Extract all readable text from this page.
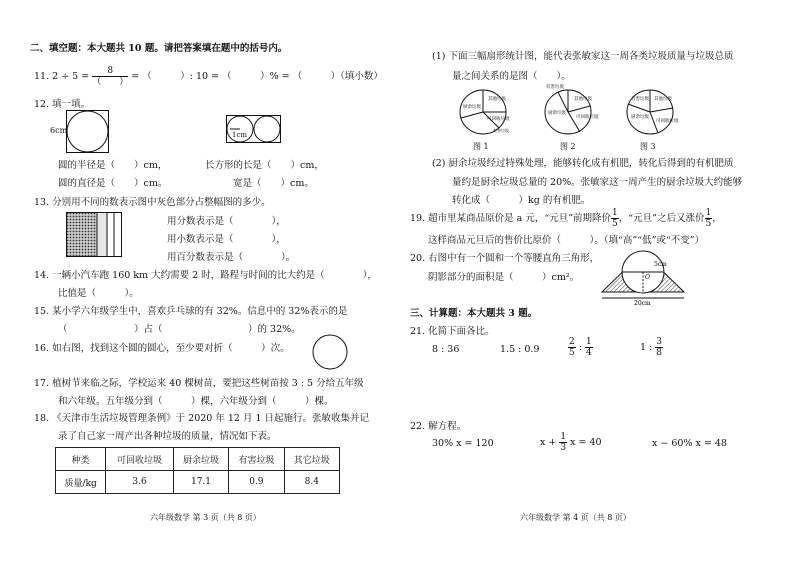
二、填空题：本大题共 10 题。请把答案填在题中的括号内。
11. $2 \div 5 = \frac{8}{( )}$ = （　　　）: 10 = （　　　）% = （　　　）（填小数）
12. 填一填。
6cm	1cm
圆的半径是（　　）cm，	长方形的长是（　　）cm，
圆的直径是（　　）cm。	宽是（　　）cm。
13. 分别用不同的数表示图中灰色部分占整幅图的多少。
用分数表示是（　　　　），
用小数表示是（　　　　），
用百分数表示是（　　　　）。
14. 一辆小汽车跑 160 km 大约需要 2 时，路程与时间的比大约是（　　　　），
比值是（　　　）。
15. 某小学六年级学生中，喜欢乒乓球的有 32%。信息中的 32%表示的是
（　　　　　　　）占（　　　　　　　　　）的 32%。
16. 如右图，找到这个圆的圆心，至少要对折（　　　）次。
17. 植树节来临之际，学校运来 40 棵树苗，要把这些树苗按 3 : 5 分给五年级
和六年级。五年级分到（　　　）棵，六年级分到（　　　）棵。
18. 《天津市生活垃圾管理条例》于 2020 年 12 月 1 日起施行。张敏收集并记
录了自己家一周产出各种垃圾的质量，情况如下表。
种类	可回收垃圾	厨余垃圾	有害垃圾	其它垃圾
质量/kg	3.6	17.1	0.9	8.4
六年级数学 第 3 页（共 8 页）
(1) 下面三幅扇形统计图，能代表张敏家这一周各类垃圾质量与垃圾总质
量之间关系的是图（　　）。
其他垃圾
可回收垃圾
有害垃圾
厨余垃圾
有害垃圾
其他垃圾
厨余垃圾
可回收垃圾
有害垃圾
厨余垃圾
其他垃圾
可回收垃圾
图 1	图 2	图 3
(2) 厨余垃圾经过特殊处理，能够转化成有机肥，转化后得到的有机肥质
量约是厨余垃圾总量的 20%。张敏家这一周产生的厨余垃圾大约能够
转化成（　　　）kg 的有机肥。
19. 超市里某商品原价是 a 元，“元旦”前期降价 $\frac{1}{5}$ ，“元旦”之后又涨价 $\frac{1}{5}$ ，
这样商品元旦后的售价比原价（　　　）。（填“高”“低”或“不变”）
20. 右图中有一个圆和一个等腰直角三角形，
阴影部分的面积是（　　　）cm²。
5cm
O
20cm
三、计算题：本大题共 3 题。
21. 化简下面各比。
8 : 36	1.5 : 0.9	$\frac{2}{5}$ : $\frac{1}{4}$	1 : $\frac{3}{8}$
22. 解方程。
30% x = 120	$x + \frac{1}{3}$ x = 40	x − 60% x = 48
六年级数学 第 4 页（共 8 页）
